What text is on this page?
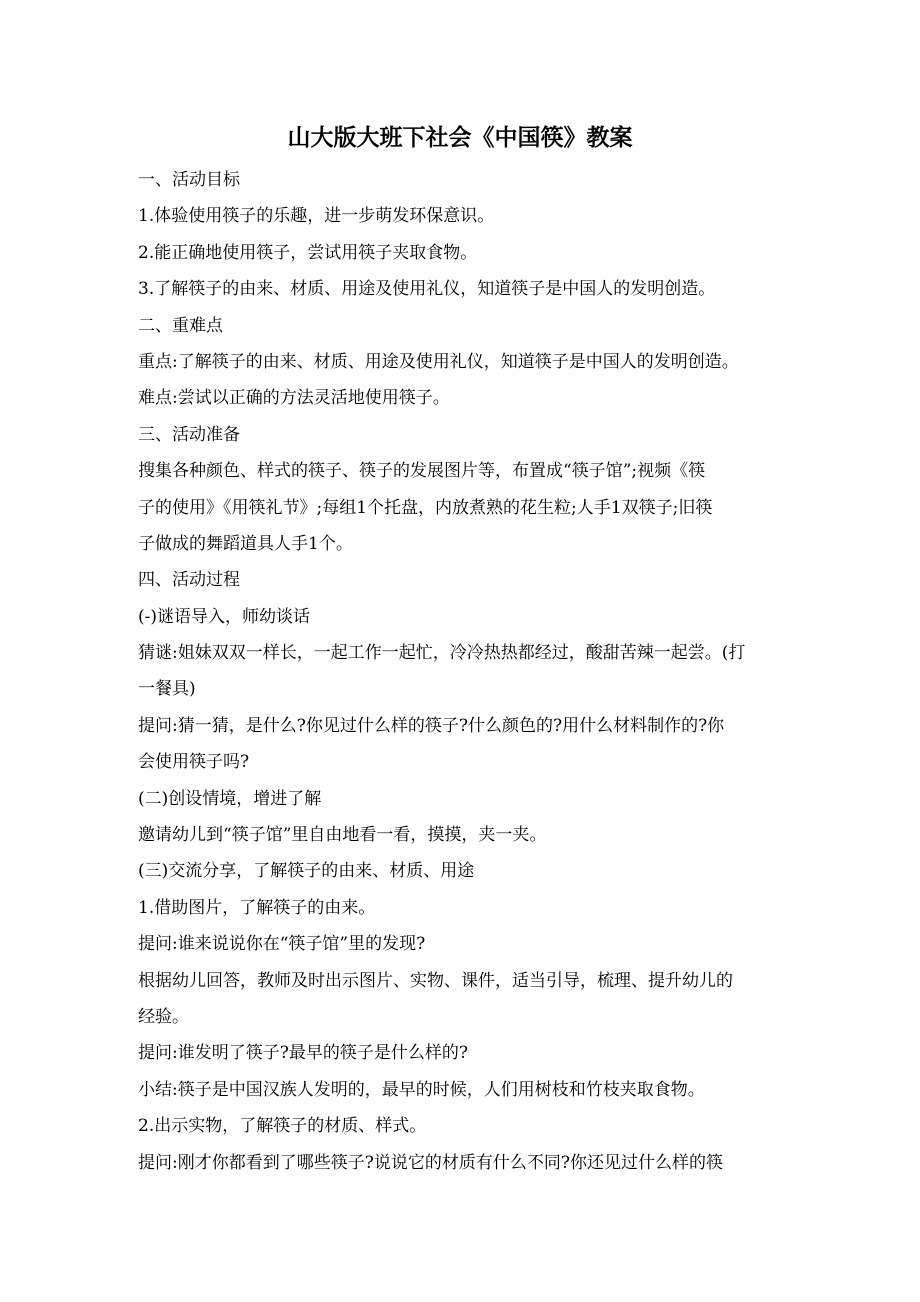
山大版大班下社会《中国筷》教案
一、活动目标
1.体验使用筷子的乐趣，进一步萌发环保意识。
2.能正确地使用筷子，尝试用筷子夹取食物。
3.了解筷子的由来、材质、用途及使用礼仪，知道筷子是中国人的发明创造。
二、重难点
重点:了解筷子的由来、材质、用途及使用礼仪，知道筷子是中国人的发明创造。
难点:尝试以正确的方法灵活地使用筷子。
三、活动准备
搜集各种颜色、样式的筷子、筷子的发展图片等，布置成“筷子馆”;视频《筷
子的使用》《用筷礼节》;每组1个托盘，内放煮熟的花生粒;人手1双筷子;旧筷
子做成的舞蹈道具人手1个。
四、活动过程
(-)谜语导入，师幼谈话
猜谜:姐妹双双一样长，一起工作一起忙，冷冷热热都经过，酸甜苦辣一起尝。(打
一餐具)
提问:猜一猜，是什么?你见过什么样的筷子?什么颜色的?用什么材料制作的?你
会使用筷子吗?
(二)创设情境，增进了解
邀请幼儿到“筷子馆”里自由地看一看，摸摸，夹一夹。
(三)交流分享，了解筷子的由来、材质、用途
1.借助图片，了解筷子的由来。
提问:谁来说说你在“筷子馆”里的发现?
根据幼儿回答，教师及时出示图片、实物、课件，适当引导，梳理、提升幼儿的
经验。
提问:谁发明了筷子?最早的筷子是什么样的?
小结:筷子是中国汉族人发明的，最早的时候，人们用树枝和竹枝夹取食物。
2.出示实物，了解筷子的材质、样式。
提问:刚才你都看到了哪些筷子?说说它的材质有什么不同?你还见过什么样的筷
